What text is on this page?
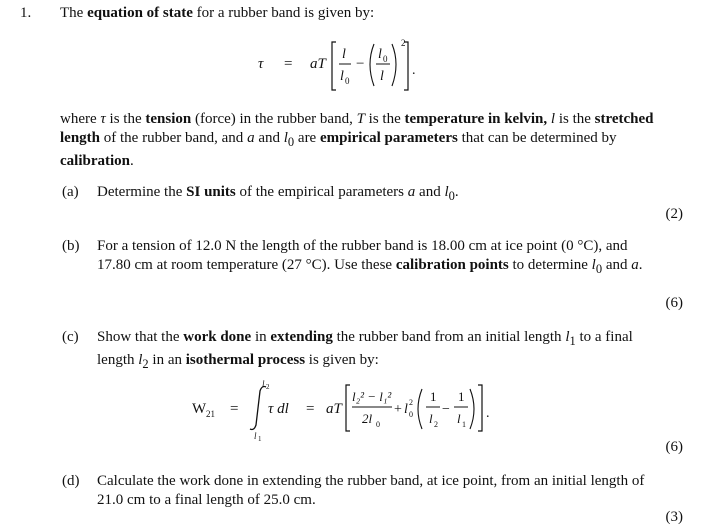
1. The equation of state for a rubber band is given by:
τ = aT
l
l 0
−
l 0
l
2
.
where τ is the tension (force) in the rubber band, T is the temperature in kelvin, l is the stretched length of the rubber band, and a and $l_0$ are empirical parameters that can be determined by calibration.
(a) Determine the SI units of the empirical parameters a and $l_0$.
(2)
(b) For a tension of 12.0 N the length of the rubber band is 18.00 cm at ice point (0 °C), and 17.80 cm at room temperature (27 °C). Use these calibration points to determine $l_0$ and a.
(6)
(c) Show that the work done in extending the rubber band from an initial length $l_1$ to a final length $l_2$ in an isothermal process is given by:
W 21 =
l 2
l 1
τ dl = aT
l₂² − l₁²
2l 0
+ l 0
2 1
l 2
−
1
l 1
.
(6)
(d) Calculate the work done in extending the rubber band, at ice point, from an initial length of 21.0 cm to a final length of 25.0 cm.
(3)
